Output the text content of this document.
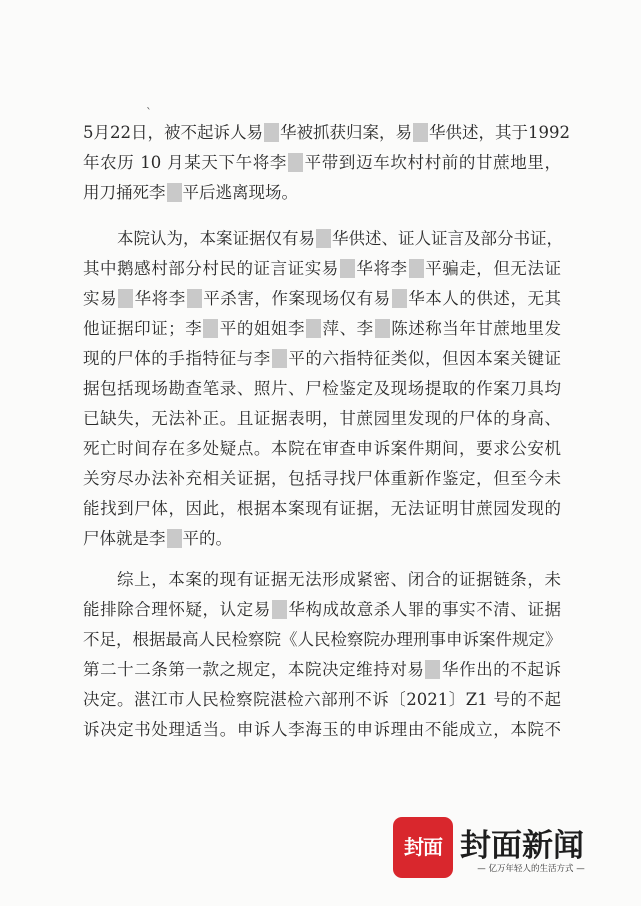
ˋ
5月22日，被不起诉人易 华被抓获归案，易 华供述，其于1992
年农历 10 月某天下午将李 平带到迈车坎村村前的甘蔗地里，
用刀捅死李 平后逃离现场。
本院认为，本案证据仅有易 华供述、证人证言及部分书证，
其中鹅感村部分村民的证言证实易 华将李 平骗走，但无法证
实易 华将李 平杀害，作案现场仅有易 华本人的供述，无其
他证据印证；李 平的姐姐李 萍、李 陈述称当年甘蔗地里发
现的尸体的手指特征与李 平的六指特征类似，但因本案关键证
据包括现场勘查笔录、照片、尸检鉴定及现场提取的作案刀具均
已缺失，无法补正。且证据表明，甘蔗园里发现的尸体的身高、
死亡时间存在多处疑点。本院在审查申诉案件期间，要求公安机
关穷尽办法补充相关证据，包括寻找尸体重新作鉴定，但至今未
能找到尸体，因此，根据本案现有证据，无法证明甘蔗园发现的
尸体就是李 平的。
综上，本案的现有证据无法形成紧密、闭合的证据链条，未
能排除合理怀疑，认定易 华构成故意杀人罪的事实不清、证据
不足，根据最高人民检察院《人民检察院办理刑事申诉案件规定》
第二十二条第一款之规定，本院决定维持对易 华作出的不起诉
决定。湛江市人民检察院湛检六部刑不诉〔2021〕Z1 号的不起
诉决定书处理适当。申诉人李海玉的申诉理由不能成立，本院不
封面 封面新闻
— 亿万年轻人的生活方式 —
